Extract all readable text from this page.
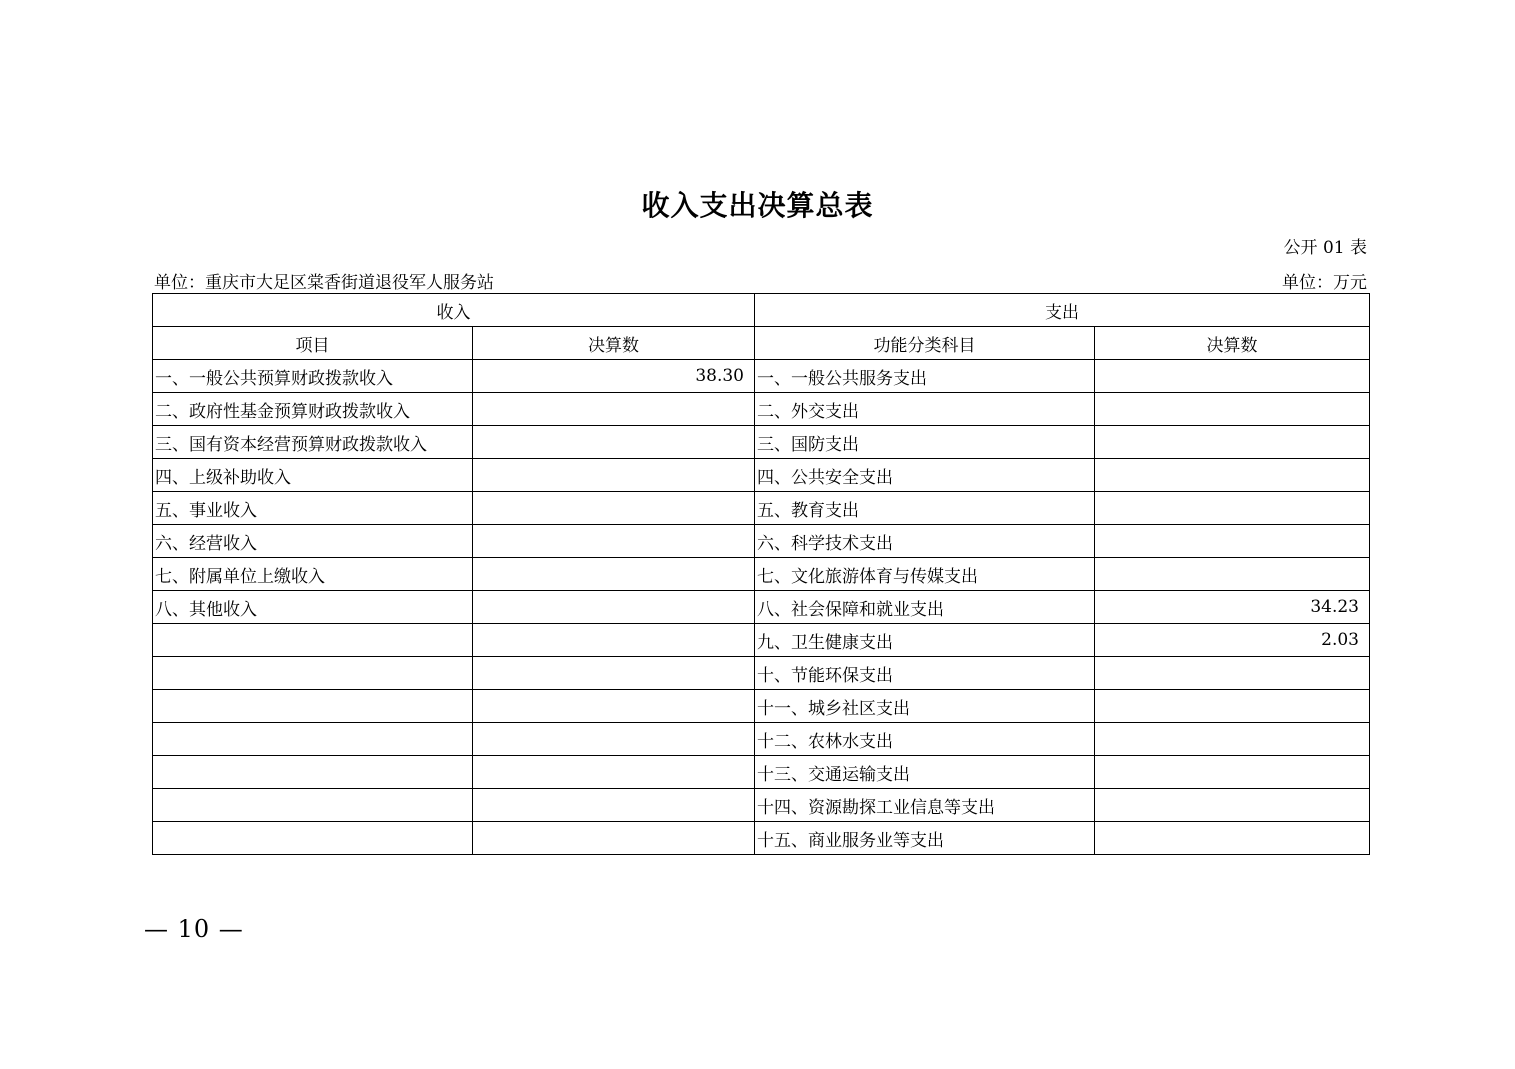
收入支出决算总表
公开 01 表
单位：重庆市大足区棠香街道退役军人服务站	单位：万元
收入		支出	
项目	决算数	功能分类科目	决算数
一、一般公共预算财政拨款收入	38.30	一、一般公共服务支出	
二、政府性基金预算财政拨款收入		二、外交支出	
三、国有资本经营预算财政拨款收入		三、国防支出	
四、上级补助收入		四、公共安全支出	
五、事业收入		五、教育支出	
六、经营收入		六、科学技术支出	
七、附属单位上缴收入		七、文化旅游体育与传媒支出	
八、其他收入		八、社会保障和就业支出	34.23
		九、卫生健康支出	2.03
		十、节能环保支出	
		十一、城乡社区支出	
		十二、农林水支出	
		十三、交通运输支出	
		十四、资源勘探工业信息等支出	
		十五、商业服务业等支出	
— 10 —
